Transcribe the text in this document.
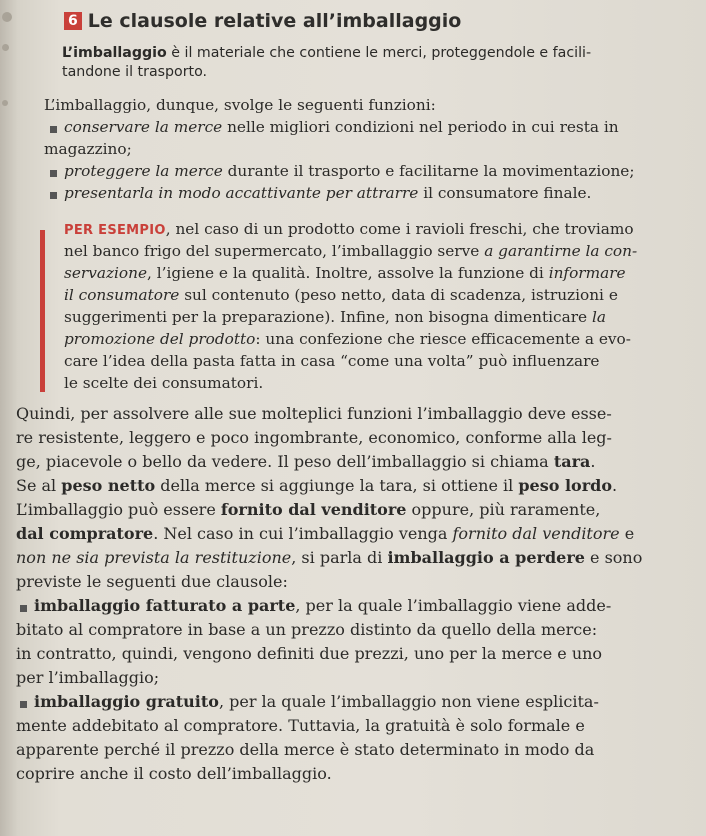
6 Le clausole relative all’imballaggio
L’imballaggio è il materiale che contiene le merci, proteggendole e facili-
tandone il trasporto.
L’imballaggio, dunque, svolge le seguenti funzioni:
conservare la merce nelle migliori condizioni nel periodo in cui resta in
magazzino;
proteggere la merce durante il trasporto e facilitarne la movimentazione;
presentarla in modo accattivante per attrarre il consumatore finale.
PER ESEMPIO, nel caso di un prodotto come i ravioli freschi, che troviamo
nel banco frigo del supermercato, l’imballaggio serve a garantirne la con-
servazione, l’igiene e la qualità. Inoltre, assolve la funzione di informare
il consumatore sul contenuto (peso netto, data di scadenza, istruzioni e
suggerimenti per la preparazione). Infine, non bisogna dimenticare la
promozione del prodotto: una confezione che riesce efficacemente a evo-
care l’idea della pasta fatta in casa “come una volta” può influenzare
le scelte dei consumatori.
Quindi, per assolvere alle sue molteplici funzioni l’imballaggio deve esse-
re resistente, leggero e poco ingombrante, economico, conforme alla leg-
ge, piacevole o bello da vedere. Il peso dell’imballaggio si chiama tara.
Se al peso netto della merce si aggiunge la tara, si ottiene il peso lordo.
L’imballaggio può essere fornito dal venditore oppure, più raramente,
dal compratore. Nel caso in cui l’imballaggio venga fornito dal venditore e
non ne sia prevista la restituzione, si parla di imballaggio a perdere e sono
previste le seguenti due clausole:
imballaggio fatturato a parte, per la quale l’imballaggio viene adde-
bitato al compratore in base a un prezzo distinto da quello della merce:
in contratto, quindi, vengono definiti due prezzi, uno per la merce e uno
per l’imballaggio;
imballaggio gratuito, per la quale l’imballaggio non viene esplicita-
mente addebitato al compratore. Tuttavia, la gratuità è solo formale e
apparente perché il prezzo della merce è stato determinato in modo da
coprire anche il costo dell’imballaggio.
